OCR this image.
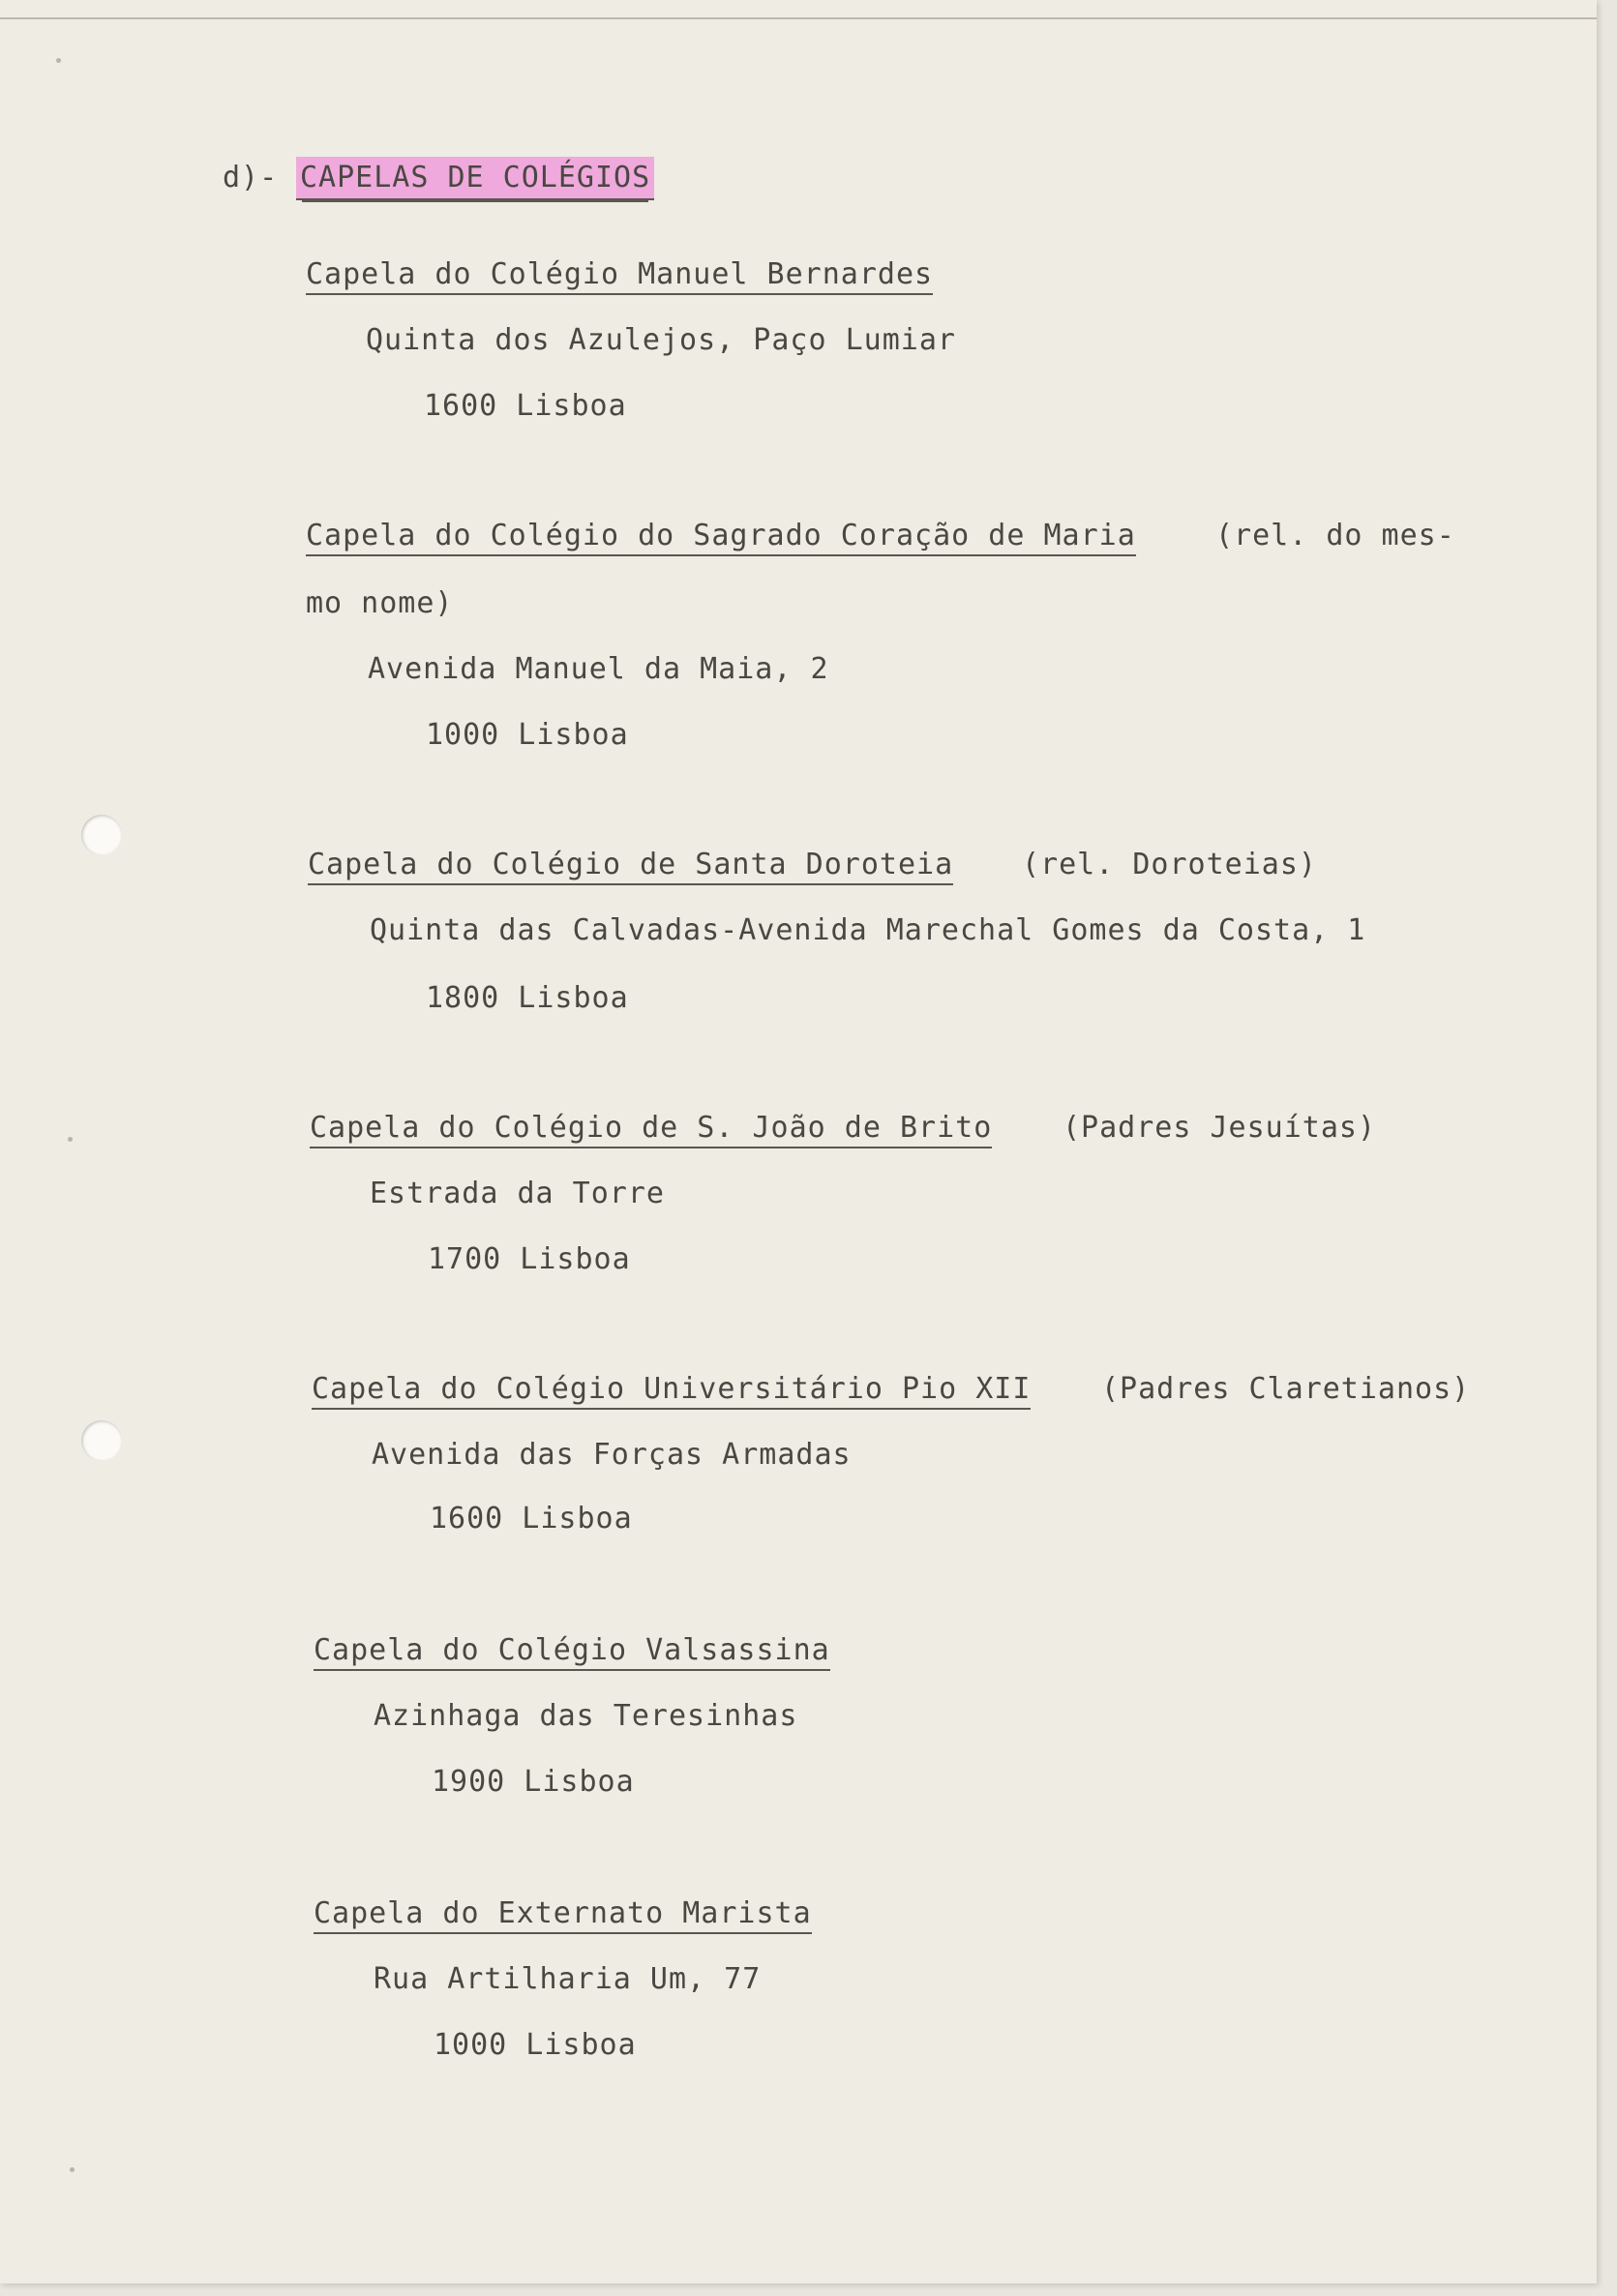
d)- CAPELAS DE COLÉGIOS
Capela do Colégio Manuel Bernardes
Quinta dos Azulejos, Paço Lumiar
1600 Lisboa
Capela do Colégio do Sagrado Coração de Maria	(rel. do mes-
mo nome)
Avenida Manuel da Maia, 2
1000 Lisboa
Capela do Colégio de Santa Doroteia (rel. Doroteias)
Quinta das Calvadas-Avenida Marechal Gomes da Costa, 1
1800 Lisboa
Capela do Colégio de S. João de Brito (Padres Jesuítas)
Estrada da Torre
1700 Lisboa
Capela do Colégio Universitário Pio XII (Padres Claretianos)
Avenida das Forças Armadas
1600 Lisboa
Capela do Colégio Valsassina
Azinhaga das Teresinhas
1900 Lisboa
Capela do Externato Marista
Rua Artilharia Um, 77
1000 Lisboa
